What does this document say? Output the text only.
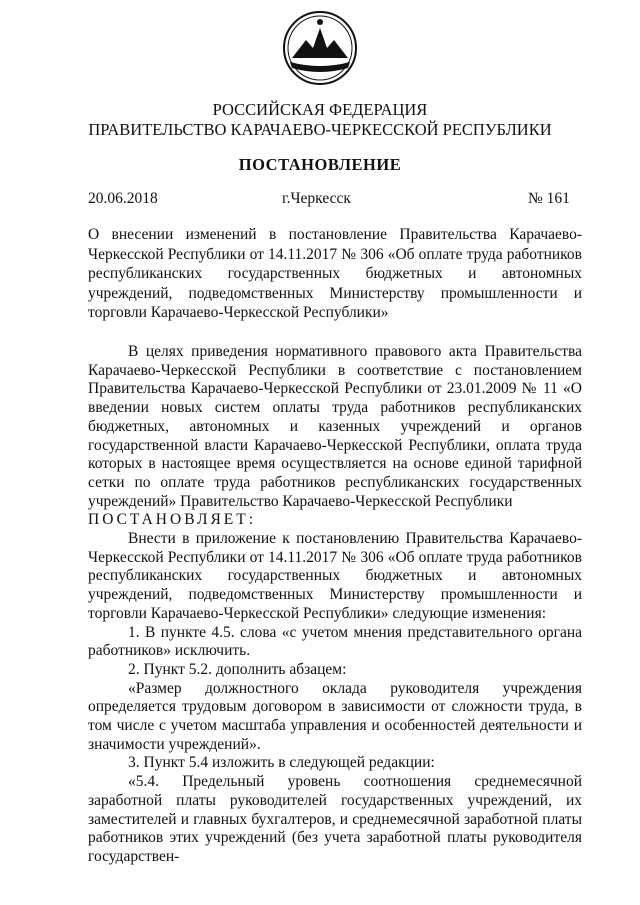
РОССИЙСКАЯ ФЕДЕРАЦИЯ
ПРАВИТЕЛЬСТВО КАРАЧАЕВО-ЧЕРКЕССКОЙ РЕСПУБЛИКИ
ПОСТАНОВЛЕНИЕ
20.06.2018	г.Черкесск	№ 161
О внесении изменений в постановление Правительства Карачаево-Черкесской Республики от 14.11.2017 № 306 «Об оплате труда работников республиканских государственных бюджетных и автономных учреждений, подведомственных Министерству промышленности и торговли Карачаево-Черкесской Республики»

В целях приведения нормативного правового акта Правительства Карачаево-Черкесской Республики в соответствие с постановлением Правительства Карачаево-Черкесской Республики от 23.01.2009 № 11 «О введении новых систем оплаты труда работников республиканских бюджетных, автономных и казенных учреждений и органов государственной власти Карачаево-Черкесской Республики, оплата труда которых в настоящее время осуществляется на основе единой тарифной сетки по оплате труда работников республиканских государственных учреждений» Правительство Карачаево-Черкесской Республики

ПОСТАНОВЛЯЕТ:

Внести в приложение к постановлению Правительства Карачаево-Черкесской Республики от 14.11.2017 № 306 «Об оплате труда работников республиканских государственных бюджетных и автономных учреждений, подведомственных Министерству промышленности и торговли Карачаево-Черкесской Республики» следующие изменения:

1. В пункте 4.5. слова «с учетом мнения представительного органа работников» исключить.

2. Пункт 5.2. дополнить абзацем:

«Размер должностного оклада руководителя учреждения определяется трудовым договором в зависимости от сложности труда, в том числе с учетом масштаба управления и особенностей деятельности и значимости учреждений».

3. Пункт 5.4 изложить в следующей редакции:

«5.4. Предельный уровень соотношения среднемесячной заработной платы руководителей государственных учреждений, их заместителей и главных бухгалтеров, и среднемесячной заработной платы работников этих учреждений (без учета заработной платы руководителя государствен-
